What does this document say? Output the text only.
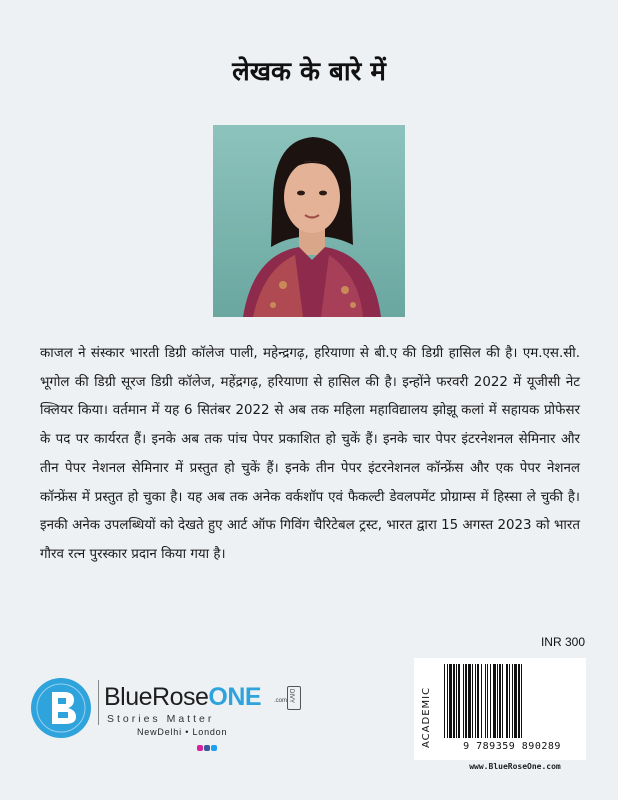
लेखक के बारे में
काजल ने संस्कार भारती डिग्री कॉलेज पाली, महेन्द्रगढ़, हरियाणा से बी.ए की डिग्री हासिल की है। एम.एस.सी. भूगोल की डिग्री सूरज डिग्री कॉलेज, महेंद्रगढ़, हरियाणा से हासिल की है। इन्होंने फरवरी 2022 में यूजीसी नेट क्लियर किया। वर्तमान में यह 6 सितंबर 2022 से अब तक महिला महाविद्यालय झोझू कलां में सहायक प्रोफेसर के पद पर कार्यरत हैं। इनके अब तक पांच पेपर प्रकाशित हो चुकें हैं। इनके चार पेपर इंटरनेशनल सेमिनार और तीन पेपर नेशनल सेमिनार में प्रस्तुत हो चुकें हैं। इनके तीन पेपर इंटरनेशनल कॉन्फ्रेंस और एक पेपर नेशनल कॉन्फ्रेंस में प्रस्तुत हो चुका है। यह अब तक अनेक वर्कशॉप एवं फैकल्टी डेवलपमेंट प्रोग्राम्स में हिस्सा ले चुकी है। इनकी अनेक उपलब्धियों को देखते हुए आर्ट ऑफ गिविंग चैरिटेबल ट्रस्ट, भारत द्वारा 15 अगस्त 2023 को भारत गौरव रत्न पुरस्कार प्रदान किया गया है।
INR 300
ACADEMIC	9 789359 890289
www.BlueRoseOne.com
BlueRoseONE .com DIVY
Stories Matter
NewDelhi • London
